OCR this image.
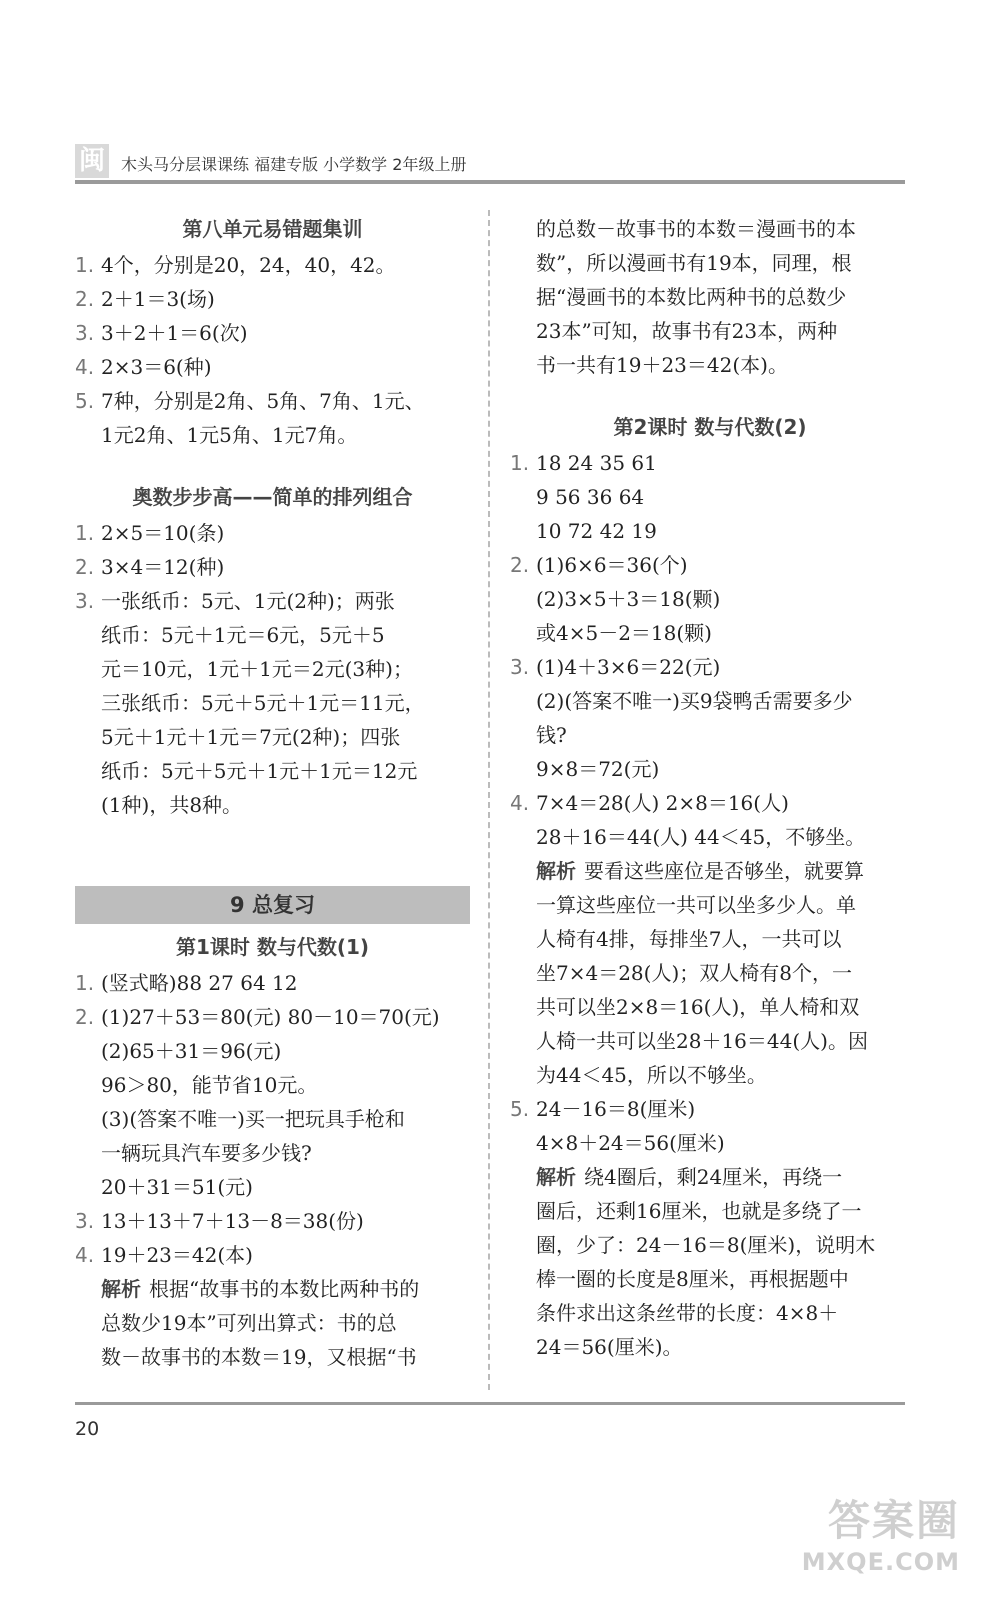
闽 木头马分层课课练 福建专版 小学数学 2年级上册
第八单元易错题集训
1. 4个，分别是20，24，40，42。
2. 2＋1＝3(场)
3. 3＋2＋1＝6(次)
4. 2×3＝6(种)
5. 7种，分别是2角、5角、7角、1元、
1元2角、1元5角、1元7角。
奥数步步高——简单的排列组合
1. 2×5＝10(条)
2. 3×4＝12(种)
3. 一张纸币：5元、1元(2种)；两张
纸币：5元＋1元＝6元，5元＋5
元＝10元，1元＋1元＝2元(3种)；
三张纸币：5元＋5元＋1元＝11元，
5元＋1元＋1元＝7元(2种)；四张
纸币：5元＋5元＋1元＋1元＝12元
(1种)，共8种。
9 总复习
第1课时 数与代数(1)
1. (竖式略)88 27 64 12
2. (1)27＋53＝80(元) 80－10＝70(元)
(2)65＋31＝96(元)
96＞80，能节省10元。
(3)(答案不唯一)买一把玩具手枪和
一辆玩具汽车要多少钱?
20＋31＝51(元)
3. 13＋13＋7＋13－8＝38(份)
4. 19＋23＝42(本)
解析 根据“故事书的本数比两种书的
总数少19本”可列出算式：书的总
数－故事书的本数＝19，又根据“书
的总数－故事书的本数＝漫画书的本
数”，所以漫画书有19本，同理，根
据“漫画书的本数比两种书的总数少
23本”可知，故事书有23本，两种
书一共有19＋23＝42(本)。
第2课时 数与代数(2)
1. 18 24 35 61
9 56 36 64
10 72 42 19
2. (1)6×6＝36(个)
(2)3×5＋3＝18(颗)
或4×5－2＝18(颗)
3. (1)4＋3×6＝22(元)
(2)(答案不唯一)买9袋鸭舌需要多少
钱?
9×8＝72(元)
4. 7×4＝28(人) 2×8＝16(人)
28＋16＝44(人) 44＜45，不够坐。
解析 要看这些座位是否够坐，就要算
一算这些座位一共可以坐多少人。单
人椅有4排，每排坐7人，一共可以
坐7×4＝28(人)；双人椅有8个，一
共可以坐2×8＝16(人)，单人椅和双
人椅一共可以坐28＋16＝44(人)。因
为44＜45，所以不够坐。
5. 24－16＝8(厘米)
4×8＋24＝56(厘米)
解析 绕4圈后，剩24厘米，再绕一
圈后，还剩16厘米，也就是多绕了一
圈，少了：24－16＝8(厘米)，说明木
棒一圈的长度是8厘米，再根据题中
条件求出这条丝带的长度：4×8＋
24＝56(厘米)。
20
答案圈
MXQE.COM
